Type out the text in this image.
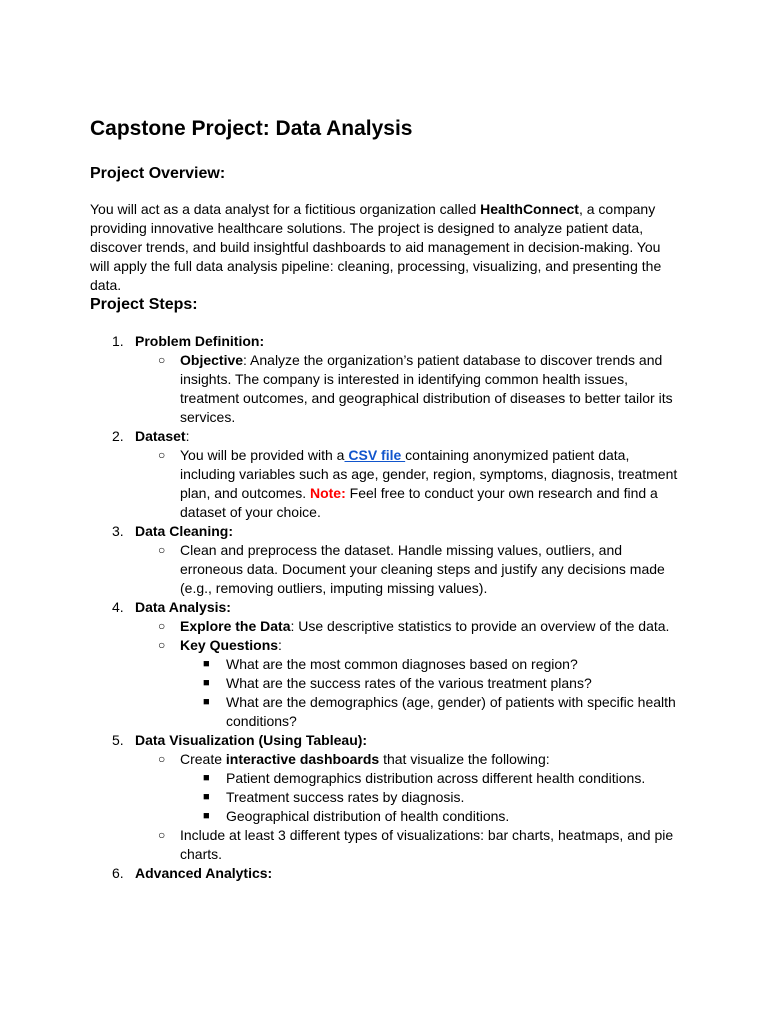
Capstone Project: Data Analysis
Project Overview:

You will act as a data analyst for a fictitious organization called HealthConnect, a company providing innovative healthcare solutions. The project is designed to analyze patient data, discover trends, and build insightful dashboards to aid management in decision-making. You will apply the full data analysis pipeline: cleaning, processing, visualizing, and presenting the data.

Project Steps:
1. Problem Definition:
○ Objective: Analyze the organization’s patient database to discover trends and insights. The company is interested in identifying common health issues, treatment outcomes, and geographical distribution of diseases to better tailor its services.
2. Dataset:
○ You will be provided with a CSV file containing anonymized patient data, including variables such as age, gender, region, symptoms, diagnosis, treatment plan, and outcomes. Note: Feel free to conduct your own research and find a dataset of your choice.
3. Data Cleaning:
○ Clean and preprocess the dataset. Handle missing values, outliers, and erroneous data. Document your cleaning steps and justify any decisions made (e.g., removing outliers, imputing missing values).
4. Data Analysis:
○ Explore the Data: Use descriptive statistics to provide an overview of the data.
○ Key Questions:
■ What are the most common diagnoses based on region?
■ What are the success rates of the various treatment plans?
■ What are the demographics (age, gender) of patients with specific health conditions?
5. Data Visualization (Using Tableau):
○ Create interactive dashboards that visualize the following:
■ Patient demographics distribution across different health conditions.
■ Treatment success rates by diagnosis.
■ Geographical distribution of health conditions.
○ Include at least 3 different types of visualizations: bar charts, heatmaps, and pie charts.
6. Advanced Analytics:
